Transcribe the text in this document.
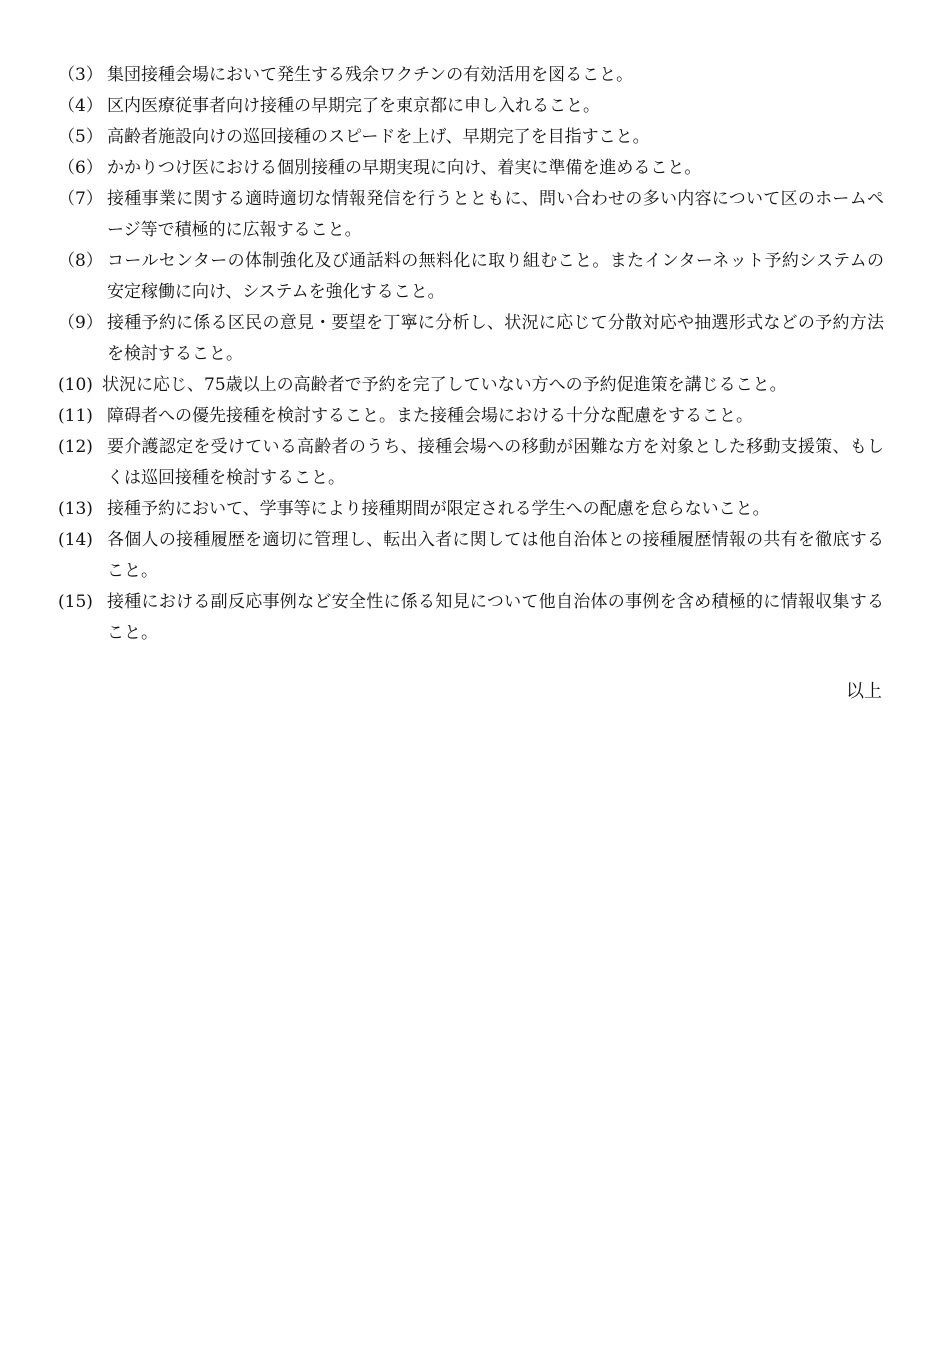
（3） 集団接種会場において発生する残余ワクチンの有効活用を図ること。
（4） 区内医療従事者向け接種の早期完了を東京都に申し入れること。
（5） 高齢者施設向けの巡回接種のスピードを上げ、早期完了を目指すこと。
（6） かかりつけ医における個別接種の早期実現に向け、着実に準備を進めること。
（7） 接種事業に関する適時適切な情報発信を行うとともに、問い合わせの多い内容について区のホームページ等で積極的に広報すること。
（8） コールセンターの体制強化及び通話料の無料化に取り組むこと。またインターネット予約システムの安定稼働に向け、システムを強化すること。
（9） 接種予約に係る区民の意見・要望を丁寧に分析し、状況に応じて分散対応や抽選形式などの予約方法を検討すること。
(10) 状況に応じ、75歳以上の高齢者で予約を完了していない方への予約促進策を講じること。
(11) 障碍者への優先接種を検討すること。また接種会場における十分な配慮をすること。
(12) 要介護認定を受けている高齢者のうち、接種会場への移動が困難な方を対象とした移動支援策、もしくは巡回接種を検討すること。
(13) 接種予約において、学事等により接種期間が限定される学生への配慮を怠らないこと。
(14) 各個人の接種履歴を適切に管理し、転出入者に関しては他自治体との接種履歴情報の共有を徹底すること。
(15) 接種における副反応事例など安全性に係る知見について他自治体の事例を含め積極的に情報収集すること。
以上
